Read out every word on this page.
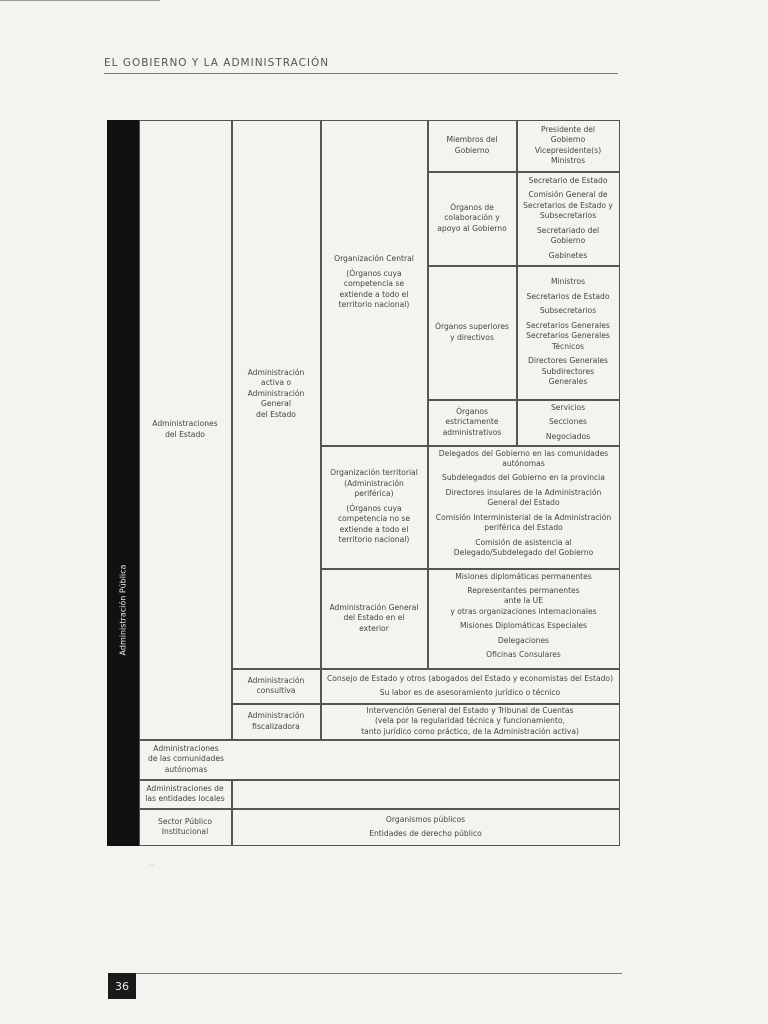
EL GOBIERNO Y LA ADMINISTRACIÓN
Administración Pública
Administraciones
del Estado
Administraciones
de las comunidades
autónomas
Administraciones de
las entidades locales
Sector Público
Institucional
Organismos públicos
Entidades de derecho público
Administración
activa o
Administración
General
del Estado
Administración
consultiva
Consejo de Estado y otros (abogados del Estado y economistas del Estado)
Su labor es de asesoramiento jurídico o técnico
Administración
fiscalizadora
Intervención General del Estado y Tribunal de Cuentas
(vela por la regularidad técnica y funcionamiento,
tanto jurídico como práctico, de la Administración activa)
Organización Central
(Órganos cuya
competencia se
extiende a todo el
territorio nacional)
Organización territorial
(Administración
periférica)
(Órganos cuya
competencia no se
extiende a todo el
territorio nacional)
Administración General
del Estado en el
exterior
Miembros del
Gobierno
Órganos de
colaboración y
apoyo al Gobierno
Órganos superiores
y directivos
Órganos
estrictamente
administrativos
Presidente del
Gobierno
Vicepresidente(s)
Ministros
Secretario de Estado
Comisión General de
Secretarios de Estado y
Subsecretarios
Secretariado del
Gobierno
Gabinetes
Ministros
Secretarios de Estado
Subsecretarios
Secretarios Generales
Secretarios Generales
Técnicos
Directores Generales
Subdirectores
Generales
Servicios
Secciones
Negociados
Delegados del Gobierno en las comunidades
autónomas
Subdelegados del Gobierno en la provincia
Directores insulares de la Administración
General del Estado
Comisión Interministerial de la Administración
periférica del Estado
Comisión de asistencia al
Delegado/Subdelegado del Gobierno
Misiones diplomáticas permanentes
Representantes permanentes
ante la UE
y otras organizaciones internacionales
Misiones Diplomáticas Especiales
Delegaciones
Oficinas Consulares
..
36
